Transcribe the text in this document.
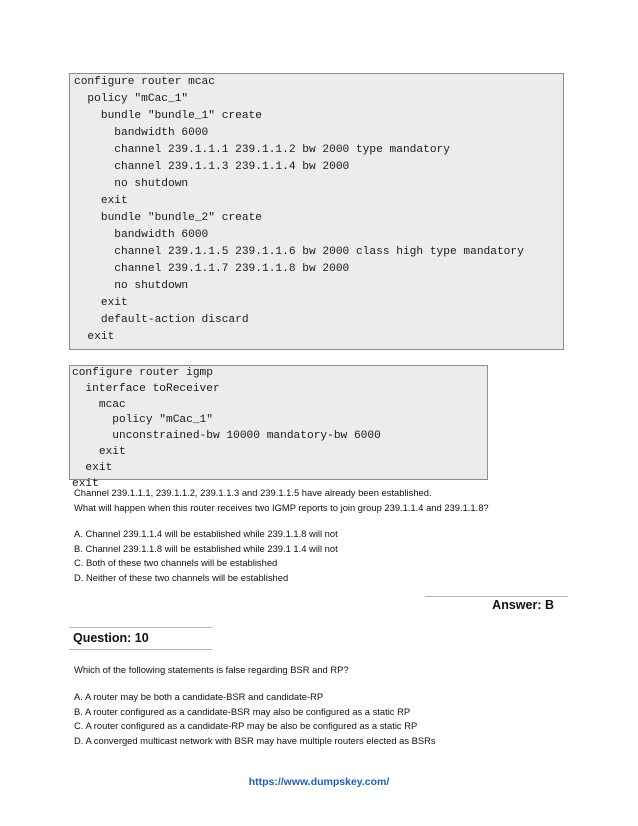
configure router mcac
policy "mCac_1"
bundle "bundle_1" create
bandwidth 6000
channel 239.1.1.1 239.1.1.2 bw 2000 type mandatory
channel 239.1.1.3 239.1.1.4 bw 2000
no shutdown
exit
bundle "bundle_2" create
bandwidth 6000
channel 239.1.1.5 239.1.1.6 bw 2000 class high type mandatory
channel 239.1.1.7 239.1.1.8 bw 2000
no shutdown
exit
default-action discard
exit
configure router igmp
interface toReceiver
mcac
policy "mCac_1"
unconstrained-bw 10000 mandatory-bw 6000
exit
exit
exit
Channel 239.1.1.1, 239.1.1.2, 239.1.1.3 and 239.1.1.5 have already been established.
What will happen when this router receives two IGMP reports to join group 239.1.1.4 and 239.1.1.8?
A. Channel 239.1.1.4 will be established while 239.1.1.8 will not
B. Channel 239.1.1.8 will be established while 239.1 1.4 will not
C. Both of these two channels will be established
D. Neither of these two channels will be established
Answer: B
Question: 10
Which of the following statements is false regarding BSR and RP?
A. A router may be both a candidate-BSR and candidate-RP
B. A router configured as a candidate-BSR may also be configured as a static RP
C. A router configured as a candidate-RP may be also be configured as a static RP
D. A converged multicast network with BSR may have multiple routers elected as BSRs
https://www.dumpskey.com/
